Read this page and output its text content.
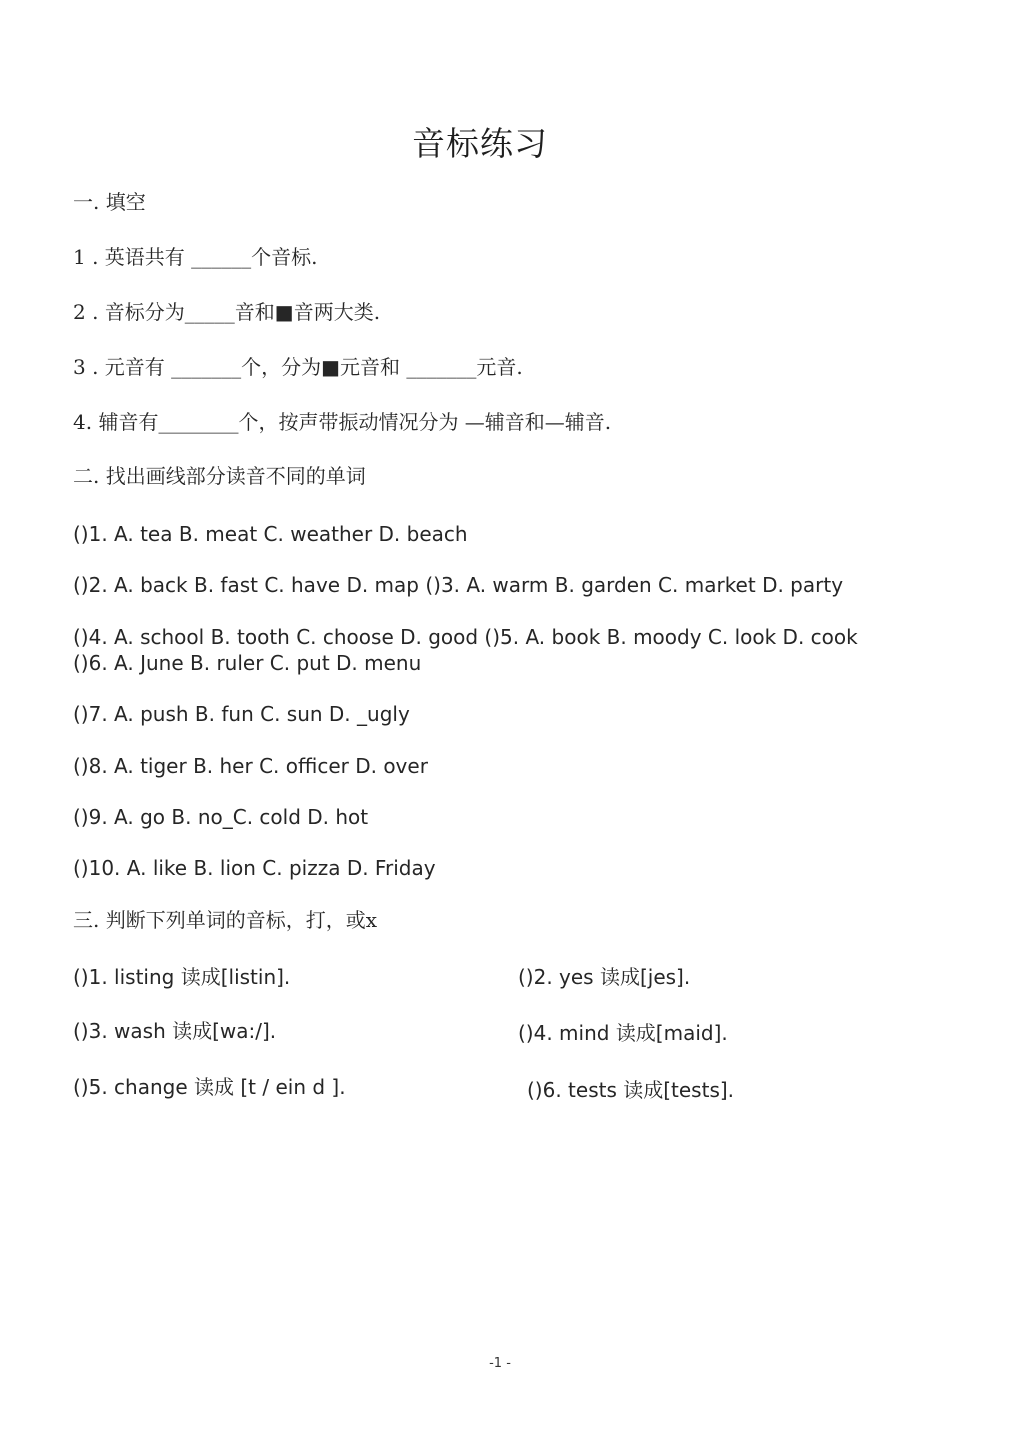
音标练习
一. 填空
1 . 英语共有 ______个音标.
2 . 音标分为_____音和■音两大类.
3 . 元音有 _______个，分为■元音和 _______元音.
4. 辅音有________个，按声带振动情况分为 —辅音和—辅音.
二. 找出画线部分读音不同的单词
()1. A. tea B. meat C. weather D. beach
()2. A. back B. fast C. have D. map ()3. A. warm B. garden C. market D. party
()4. A. school B. tooth C. choose D. good ()5. A. book B. moody C. look D. cook
()6. A. June B. ruler C. put D. menu
()7. A. push B. fun C. sun D. _ugly
()8. A. tiger B. her C. officer D. over
()9. A. go B. no_C. cold D. hot
()10. A. like B. lion C. pizza D. Friday
三. 判断下列单词的音标，打，或x
()1. listing 读成[listin].	()2. yes 读成[jes].
()3. wash 读成[wa:/].	()4. mind 读成[maid].
()5. change 读成 [t / ein d ].	()6. tests 读成[tests].
-1 -
